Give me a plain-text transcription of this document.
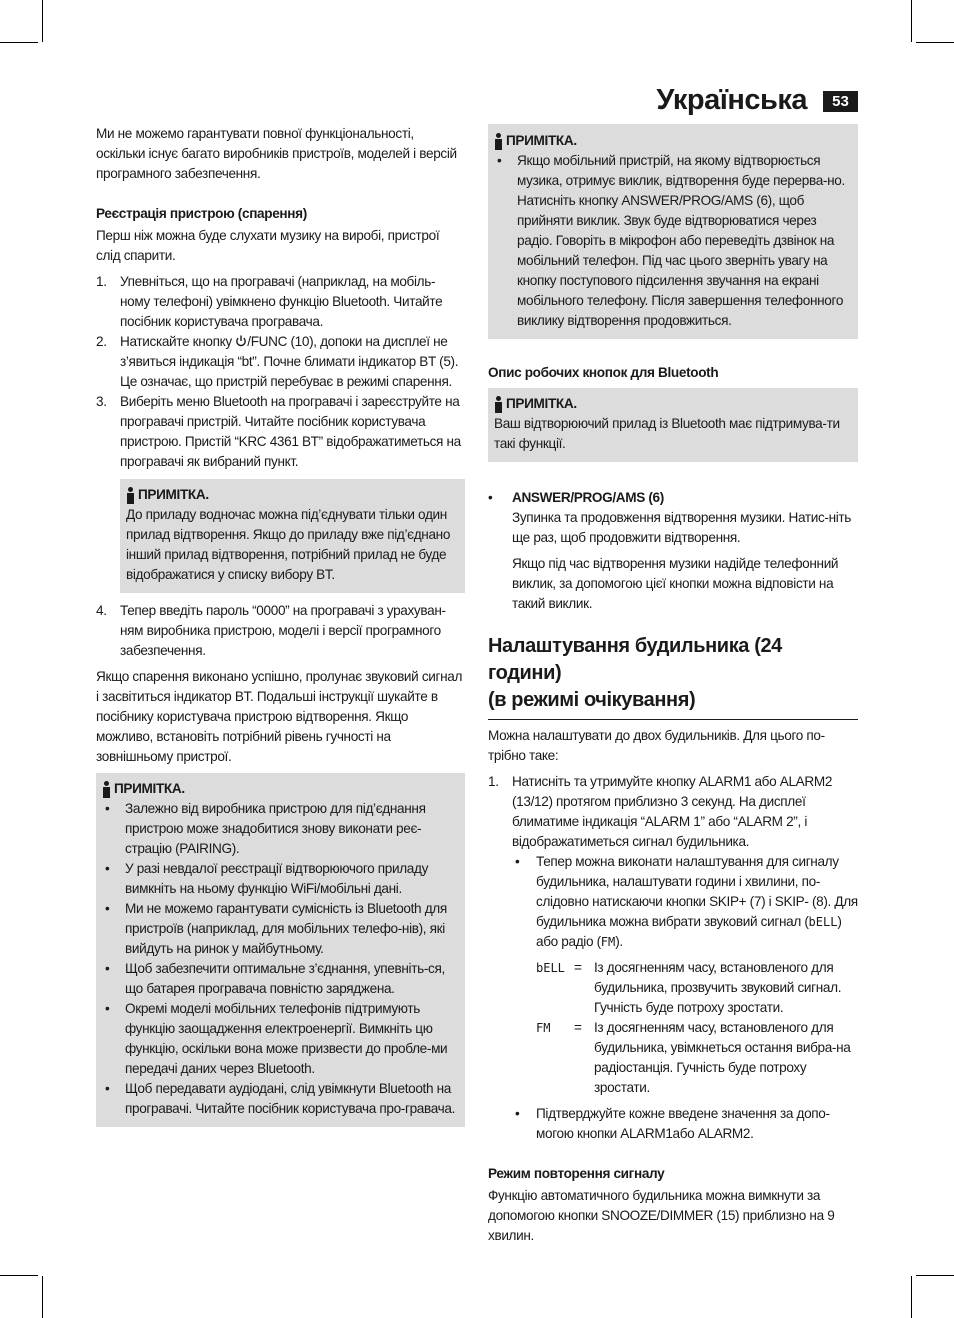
Українська	53

Ми не можемо гарантувати повної функціональності, оскільки існує багато виробників пристроїв, моделей і версій програмного забезпечення.

Реєстрація пристрою (спарення)

Перш ніж можна буде слухати музику на виробі, пристрої слід спарити.

1. Упевніться, що на програвачі (наприклад, на мобіль-ному телефоні) увімкнено функцію Bluetooth. Читайте посібник користувача програвача.
2. Натискайте кнопку /FUNC (10), допоки на дисплеї не з’явиться індикація “bt”. Почне блимати індикатор BT (5). Це означає, що пристрій перебуває в режимі спарення.
3. Виберіть меню Bluetooth на програвачі і зареєструйте на програвачі пристрій. Читайте посібник користувача пристрою. Пристій “KRC 4361 BT” відображатиметься на програвачі як вибраний пункт.
ПРИМІТКА.

До приладу водночас можна під’єднувати тільки один прилад відтворення. Якщо до приладу вже під’єднано інший прилад відтворення, потрібний прилад не буде відображатися у списку вибору BT.

4. Тепер введіть пароль “0000” на програвачі з урахуван-ням виробника пристрою, моделі і версії програмного забезпечення.

Якщо спарення виконано успішно, пролунає звуковий сигнал і засвітиться індикатор BT. Подальші інструкції шукайте в посібнику користувача пристрою відтворення. Якщо можливо, встановіть потрібний рівень гучності на зовнішньому пристрої.

ПРИМІТКА.
• Залежно від виробника пристрою для під’єднання пристрою може знадобитися знову виконати реє-страцію (PAIRING).
• У разі невдалої реєстрації відтворюючого приладу вимкніть на ньому функцію WiFi/мобільні дані.
• Ми не можемо гарантувати сумісність із Bluetooth для пристроїв (наприклад, для мобільних телефо-нів), які вийдуть на ринок у майбутньому.
• Щоб забезпечити оптимальне з’єднання, упевніть-ся, що батарея програвача повністю заряджена.
• Окремі моделі мобільних телефонів підтримують функцію заощадження електроенергії. Вимкніть цю функцію, оскільки вона може призвести до пробле-ми передачі даних через Bluetooth.
• Щоб передавати аудіодані, слід увімкнути Bluetooth на програвачі. Читайте посібник користувача про-гравача.
ПРИМІТКА.
• Якщо мобільний пристрій, на якому відтворюється музика, отримує виклик, відтворення буде перерва-но. Натисніть кнопку ANSWER/PROG/AMS (6), щоб прийняти виклик. Звук буде відтворюватися через радіо. Говоріть в мікрофон або переведіть дзвінок на мобільний телефон. Під час цього зверніть увагу на кнопку поступового підсилення звучання на екрані мобільного телефону. Після завершення телефонного виклику відтворення продовжиться.

Опис робочих кнопок для Bluetooth

ПРИМІТКА.

Ваш відтворюючий прилад із Bluetooth має підтримува-ти такі функції.

• ANSWER/PROG/AMS (6)

Зупинка та продовження відтворення музики. Натис-ніть ще раз, щоб продовжити відтворення.

Якщо під час відтворення музики надійде телефонний виклик, за допомогою цієї кнопки можна відповісти на такий виклик.

Налаштування будильника (24 години)
(в режимі очікування)

Можна налаштувати до двох будильників. Для цього по-трібно таке:

1. Натисніть та утримуйте кнопку ALARM1 або ALARM2 (13/12) протягом приблизно 3 секунд. На дисплеї блиматиме індикація “ALARM 1” або “ALARM 2”, і відображатиметься сигнал будильника.
• Тепер можна виконати налаштування для сигналу будильника, налаштувати години і хвилини, по-слідовно натискаючи кнопки SKIP+ (7) і SKIP- (8). Для будильника можна вибрати звуковий сигнал (bELL) або радіо (FM).
bELL = Із досягненням часу, встановленого для будильника, прозвучить звуковий сигнал. Гучність буде потроху зростати.
FM	= Із досягненням часу, встановленого для будильника, увімкнеться остання вибра-на радіостанція. Гучність буде потроху зростати.
• Підтверджуйте кожне введене значення за допо-могою кнопки ALARM1або ALARM2.

Режим повторення сигналу

Функцію автоматичного будильника можна вимкнути за допомогою кнопки SNOOZE/DIMMER (15) приблизно на 9 хвилин.
